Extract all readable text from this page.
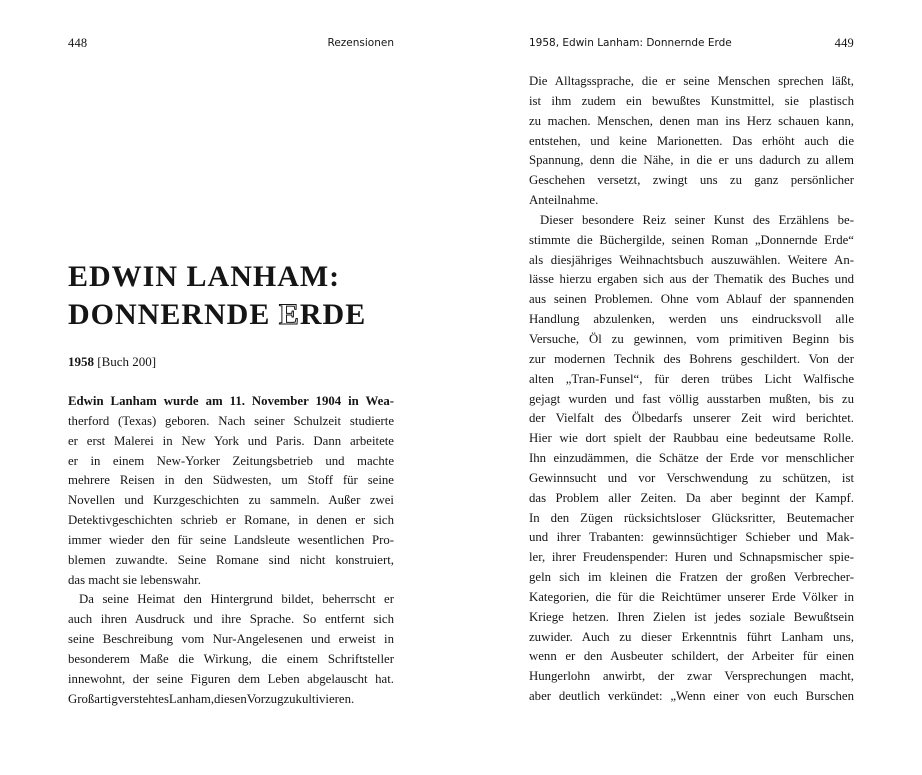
448	Rezensionen
EDWIN LANHAM:
DONNERNDE ERDE
1958 [Buch 200]
Edwin Lanham wurde am 11. November 1904 in Wea-
therford (Texas) geboren. Nach seiner Schulzeit studierte
er erst Malerei in New York und Paris. Dann arbeitete
er in einem New-Yorker Zeitungsbetrieb und machte
mehrere Reisen in den Südwesten, um Stoff für seine
Novellen und Kurzgeschichten zu sammeln. Außer zwei
Detektivgeschichten schrieb er Romane, in denen er sich
immer wieder den für seine Landsleute wesentlichen Pro-
blemen zuwandte. Seine Romane sind nicht konstruiert,
das macht sie lebenswahr.
Da seine Heimat den Hintergrund bildet, beherrscht er
auch ihren Ausdruck und ihre Sprache. So entfernt sich
seine Beschreibung vom Nur-Angelesenen und erweist in
besonderem Maße die Wirkung, die einem Schriftsteller
innewohnt, der seine Figuren dem Leben abgelauscht hat.
GroßartigverstehtesLanham,diesenVorzugzukultivieren.
1958, Edwin Lanham: Donnernde Erde	449
Die Alltagssprache, die er seine Menschen sprechen läßt,
ist ihm zudem ein bewußtes Kunstmittel, sie plastisch
zu machen. Menschen, denen man ins Herz schauen kann,
entstehen, und keine Marionetten. Das erhöht auch die
Spannung, denn die Nähe, in die er uns dadurch zu allem
Geschehen versetzt, zwingt uns zu ganz persönlicher
Anteilnahme.
Dieser besondere Reiz seiner Kunst des Erzählens be-
stimmte die Büchergilde, seinen Roman „Donnernde Erde“
als diesjähriges Weihnachtsbuch auszuwählen. Weitere An-
lässe hierzu ergaben sich aus der Thematik des Buches und
aus seinen Problemen. Ohne vom Ablauf der spannenden
Handlung abzulenken, werden uns eindrucksvoll alle
Versuche, Öl zu gewinnen, vom primitiven Beginn bis
zur modernen Technik des Bohrens geschildert. Von der
alten „Tran-Funsel“, für deren trübes Licht Walfische
gejagt wurden und fast völlig ausstarben mußten, bis zu
der Vielfalt des Ölbedarfs unserer Zeit wird berichtet.
Hier wie dort spielt der Raubbau eine bedeutsame Rolle.
Ihn einzudämmen, die Schätze der Erde vor menschlicher
Gewinnsucht und vor Verschwendung zu schützen, ist
das Problem aller Zeiten. Da aber beginnt der Kampf.
In den Zügen rücksichtsloser Glücksritter, Beutemacher
und ihrer Trabanten: gewinnsüchtiger Schieber und Mak-
ler, ihrer Freudenspender: Huren und Schnapsmischer spie-
geln sich im kleinen die Fratzen der großen Verbrecher-
Kategorien, die für die Reichtümer unserer Erde Völker in
Kriege hetzen. Ihren Zielen ist jedes soziale Bewußtsein
zuwider. Auch zu dieser Erkenntnis führt Lanham uns,
wenn er den Ausbeuter schildert, der Arbeiter für einen
Hungerlohn anwirbt, der zwar Versprechungen macht,
aber deutlich verkündet: „Wenn einer von euch Burschen
